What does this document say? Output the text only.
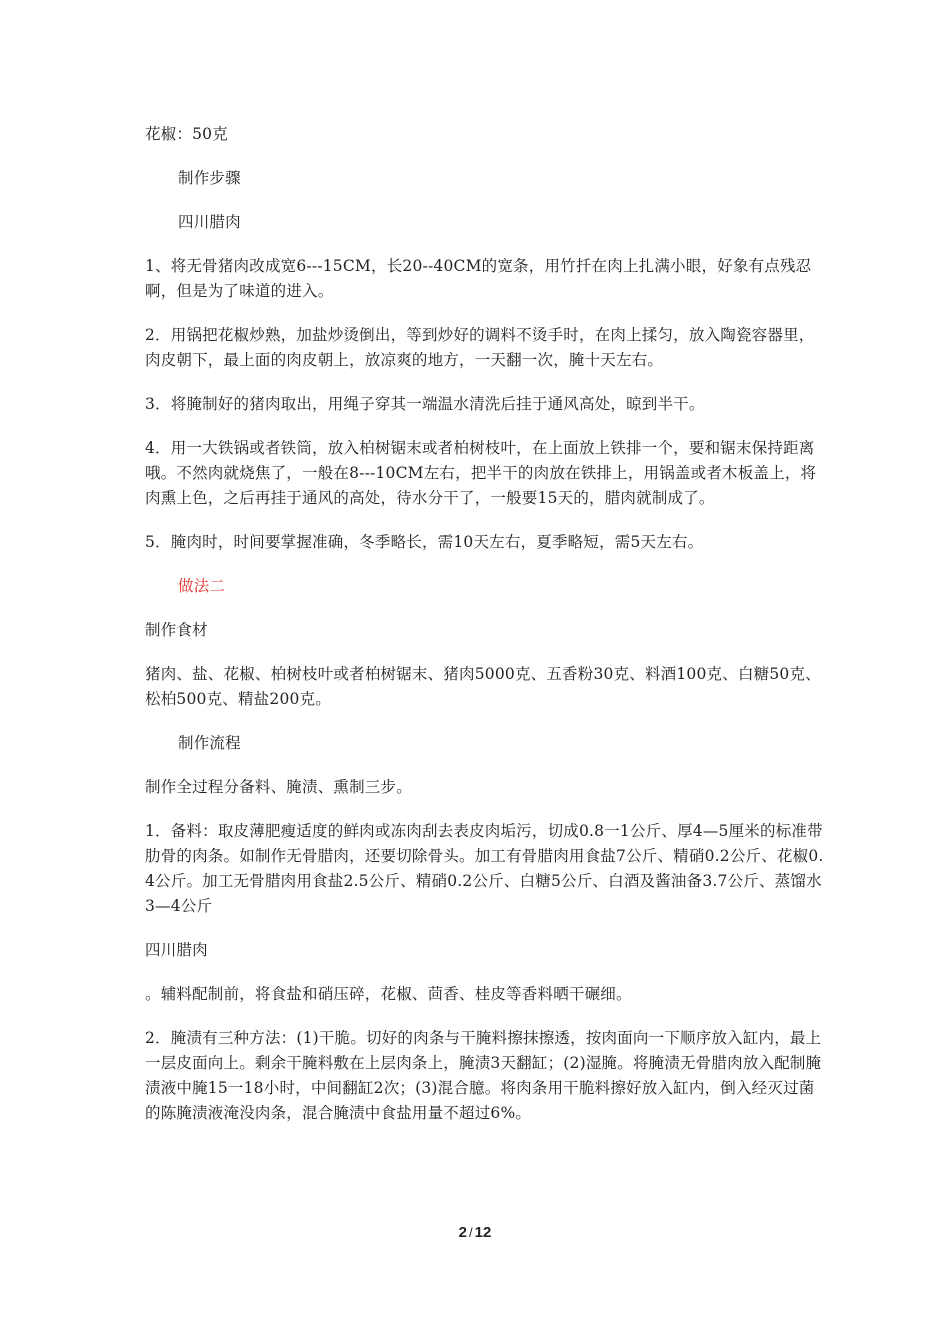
花椒：50克

制作步骤

四川腊肉

1、将无骨猪肉改成宽6---15CM，长20--40CM的宽条，用竹扦在肉上扎满小眼，好象有点残忍啊，但是为了味道的进入。

2．用锅把花椒炒熟，加盐炒烫倒出，等到炒好的调料不烫手时，在肉上揉匀，放入陶瓷容器里，肉皮朝下，最上面的肉皮朝上，放凉爽的地方，一天翻一次，腌十天左右。

3．将腌制好的猪肉取出，用绳子穿其一端温水清洗后挂于通风高处，晾到半干。

4．用一大铁锅或者铁筒，放入柏树锯末或者柏树枝叶，在上面放上铁排一个，要和锯末保持距离哦。不然肉就烧焦了，一般在8---10CM左右，把半干的肉放在铁排上，用锅盖或者木板盖上，将肉熏上色，之后再挂于通风的高处，待水分干了，一般要15天的，腊肉就制成了。

5．腌肉时，时间要掌握准确，冬季略长，需10天左右，夏季略短，需5天左右。

做法二

制作食材

猪肉、盐、花椒、柏树枝叶或者柏树锯末、猪肉5000克、五香粉30克、料酒100克、白糖50克、松柏500克、精盐200克。

制作流程

制作全过程分备料、腌渍、熏制三步。

1．备料：取皮薄肥瘦适度的鲜肉或冻肉刮去表皮肉垢污，切成0.8一1公斤、厚4—5厘米的标准带肋骨的肉条。如制作无骨腊肉，还要切除骨头。加工有骨腊肉用食盐7公斤、精硝0.2公斤、花椒0.4公斤。加工无骨腊肉用食盐2.5公斤、精硝0.2公斤、白糖5公斤、白酒及酱油备3.7公斤、蒸馏水3—4公斤

四川腊肉

。辅料配制前，将食盐和硝压碎，花椒、茴香、桂皮等香料晒干碾细。

2．腌渍有三种方法：(1)干脆。切好的肉条与干腌料擦抹擦透，按肉面向一下顺序放入缸内，最上一层皮面向上。剩余干腌料敷在上层肉条上，腌渍3天翻缸；(2)湿腌。将腌渍无骨腊肉放入配制腌渍液中腌15一18小时，中间翻缸2次；(3)混合臆。将肉条用干脆料擦好放入缸内，倒入经灭过菌的陈腌渍液淹没肉条，混合腌渍中食盐用量不超过6%。

2 / 12
